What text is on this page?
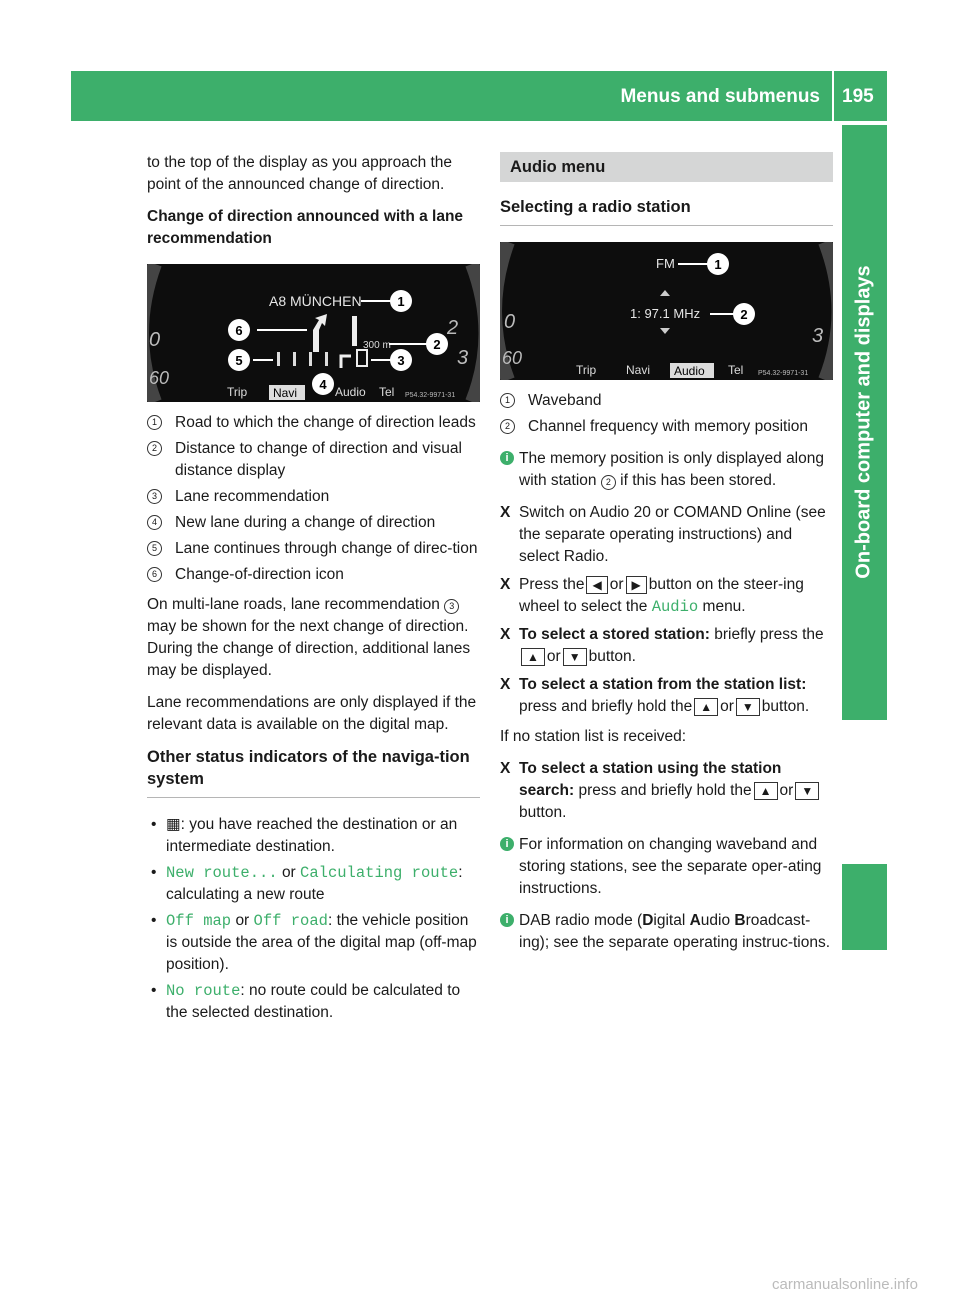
Menus and submenus 195
On-board computer and displays

to the top of the display as you approach the point of the announced change of direction.

Change of direction announced with a lane recommendation

0
60
2
3
A8 MÜNCHEN	1
6
300 m	2
5	3
4
Trip Navi	Audio Tel P54.32-9971-31
1	Road to which the change of direction leads
2	Distance to change of direction and visual distance display
3	Lane recommendation
4	New lane during a change of direction
5	Lane continues through change of direc-tion
6	Change-of-direction icon

On multi-lane roads, lane recommendation 3 may be shown for the next change of direction. During the change of direction, additional lanes may be displayed.

Lane recommendations are only displayed if the relevant data is available on the digital map.

Other status indicators of the naviga-tion system
• ▦: you have reached the destination or an intermediate destination.
• New route... or Calculating route: calculating a new route
• Off map or Off road: the vehicle position is outside the area of the digital map (off-map position).
• No route: no route could be calculated to the selected destination.
Audio menu
Selecting a radio station
0
60
3
FM	1
1: 97.1 MHz	2
Trip Navi Audio Tel P54.32-9971-31
1	Waveband
2	Channel frequency with memory position
i The memory position is only displayed along with station 2 if this has been stored.
X Switch on Audio 20 or COMAND Online (see the separate operating instructions) and select Radio.
X Press the ◀ or ▶ button on the steer-ing wheel to select the Audio menu.
X To select a stored station: briefly press the▲ or ▼ button.
X To select a station from the station list: press and briefly hold the ▲ or ▼ button.

If no station list is received:

X To select a station using the station search: press and briefly hold the ▲ or ▼button.
i For information on changing waveband and storing stations, see the separate oper-ating instructions.
i DAB radio mode (Digital Audio Broadcast-ing); see the separate operating instruc-tions.
carmanualsonline.info
